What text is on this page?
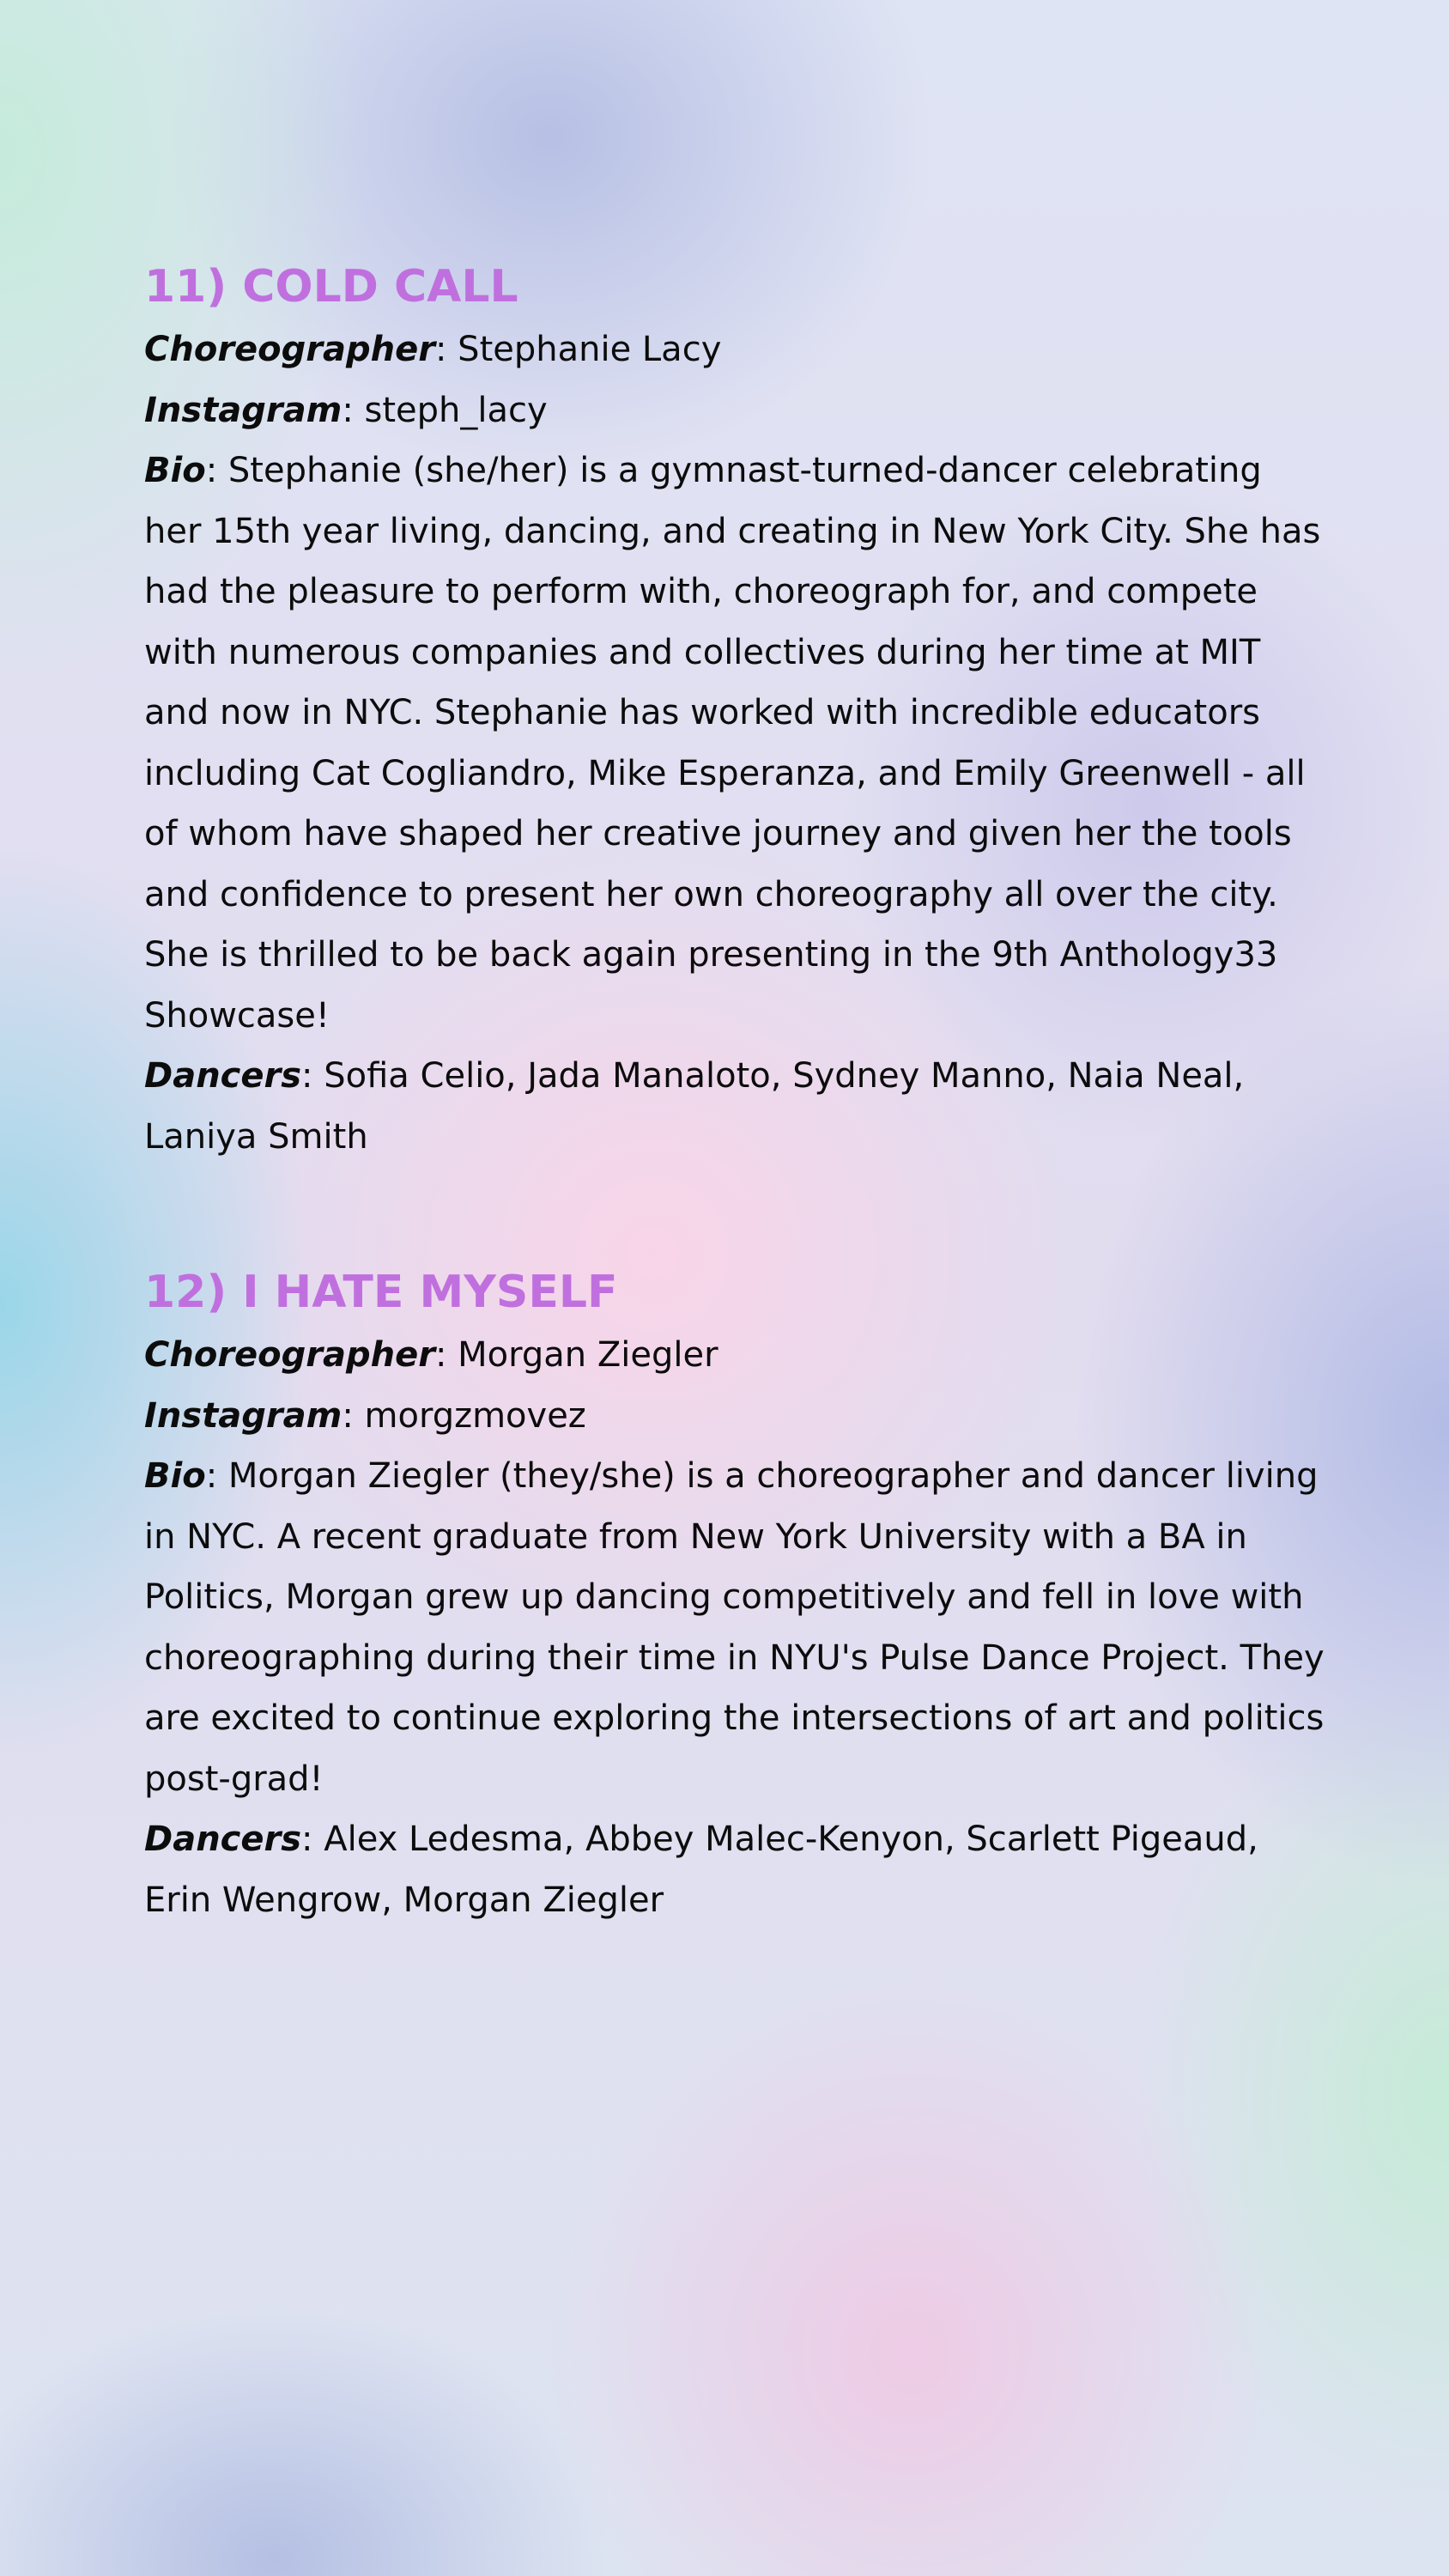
11) COLD CALL

Choreographer: Stephanie Lacy

Instagram: steph_lacy

Bio: Stephanie (she/her) is a gymnast-turned-dancer celebrating her 15th year living, dancing, and creating in New York City. She has had the pleasure to perform with, choreograph for, and compete with numerous companies and collectives during her time at MIT and now in NYC. Stephanie has worked with incredible educators including Cat Cogliandro, Mike Esperanza, and Emily Greenwell - all of whom have shaped her creative journey and given her the tools and confidence to present her own choreography all over the city. She is thrilled to be back again presenting in the 9th Anthology33 Showcase!

Dancers: Sofia Celio, Jada Manaloto, Sydney Manno, Naia Neal, Laniya Smith

12) I HATE MYSELF

Choreographer: Morgan Ziegler

Instagram: morgzmovez

Bio: Morgan Ziegler (they/she) is a choreographer and dancer living in NYC. A recent graduate from New York University with a BA in Politics, Morgan grew up dancing competitively and fell in love with choreographing during their time in NYU's Pulse Dance Project. They are excited to continue exploring the intersections of art and politics post-grad!

Dancers: Alex Ledesma, Abbey Malec-Kenyon, Scarlett Pigeaud, Erin Wengrow, Morgan Ziegler
